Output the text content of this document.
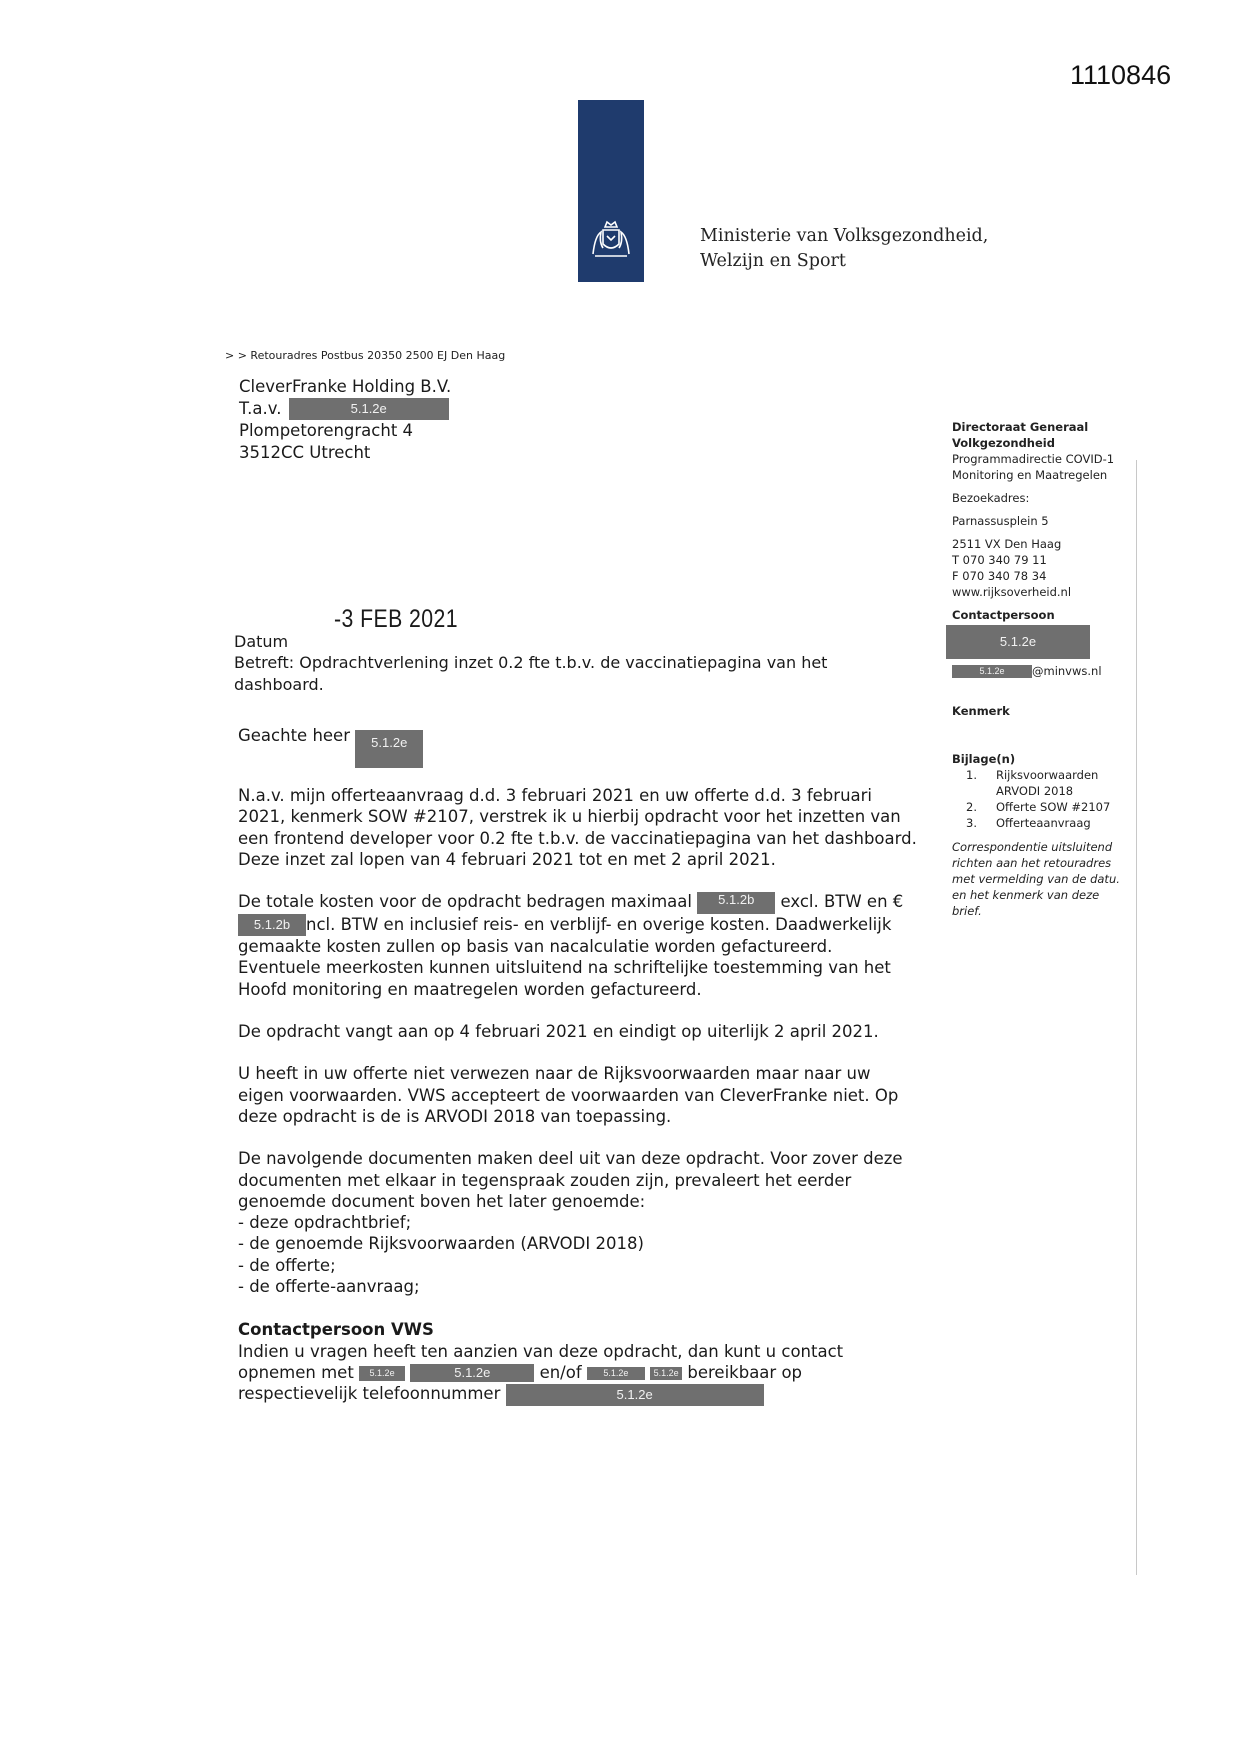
1110846
Ministerie van Volksgezondheid,
Welzijn en Sport
> > Retouradres Postbus 20350 2500 EJ Den Haag
CleverFranke Holding B.V.
T.a.v.	5.1.2e
Plompetorengracht 4
3512CC Utrecht
Directoraat Generaal
Volkgezondheid
Programmadirectie COVID-1
Monitoring en Maatregelen
Bezoekadres:
Parnassusplein 5
2511 VX Den Haag
T 070 340 79 11
F 070 340 78 34
www.rijksoverheid.nl
Contactpersoon
5.1.2e
5.1.2e @minvws.nl
Kenmerk
Bijlage(n)
1.	Rijksvoorwaarden
ARVODI 2018
2.	Offerte SOW #2107
3.	Offerteaanvraag
Correspondentie uitsluitend richten aan het retouradres met vermelding van de datu. en het kenmerk van deze brief.
-3 FEB 2021
Datum
Betreft: Opdrachtverlening inzet 0.2 fte t.b.v. de vaccinatiepagina van het dashboard.
Geachte heer 5.1.2e

N.a.v. mijn offerteaanvraag d.d. 3 februari 2021 en uw offerte d.d. 3 februari 2021, kenmerk SOW #2107, verstrek ik u hierbij opdracht voor het inzetten van een frontend developer voor 0.2 fte t.b.v. de vaccinatiepagina van het dashboard. Deze inzet zal lopen van 4 februari 2021 tot en met 2 april 2021.

De totale kosten voor de opdracht bedragen maximaal 5.1.2b excl. BTW en €
5.1.2b ncl. BTW en inclusief reis- en verblijf- en overige kosten. Daadwerkelijk gemaakte kosten zullen op basis van nacalculatie worden gefactureerd. Eventuele meerkosten kunnen uitsluitend na schriftelijke toestemming van het Hoofd monitoring en maatregelen worden gefactureerd.

De opdracht vangt aan op 4 februari 2021 en eindigt op uiterlijk 2 april 2021.

U heeft in uw offerte niet verwezen naar de Rijksvoorwaarden maar naar uw eigen voorwaarden. VWS accepteert de voorwaarden van CleverFranke niet. Op deze opdracht is de is ARVODI 2018 van toepassing.

De navolgende documenten maken deel uit van deze opdracht. Voor zover deze documenten met elkaar in tegenspraak zouden zijn, prevaleert het eerder genoemde document boven het later genoemde:

- deze opdrachtbrief;
- de genoemde Rijksvoorwaarden (ARVODI 2018)
- de offerte;
- de offerte-aanvraag;
Contactpersoon VWS
Indien u vragen heeft ten aanzien van deze opdracht, dan kunt u contact opnemen met 5.1.2e	5.1.2e	en/of 5.1.2e	5.1.2e bereikbaar op
respectievelijk telefoonnummer	5.1.2e
